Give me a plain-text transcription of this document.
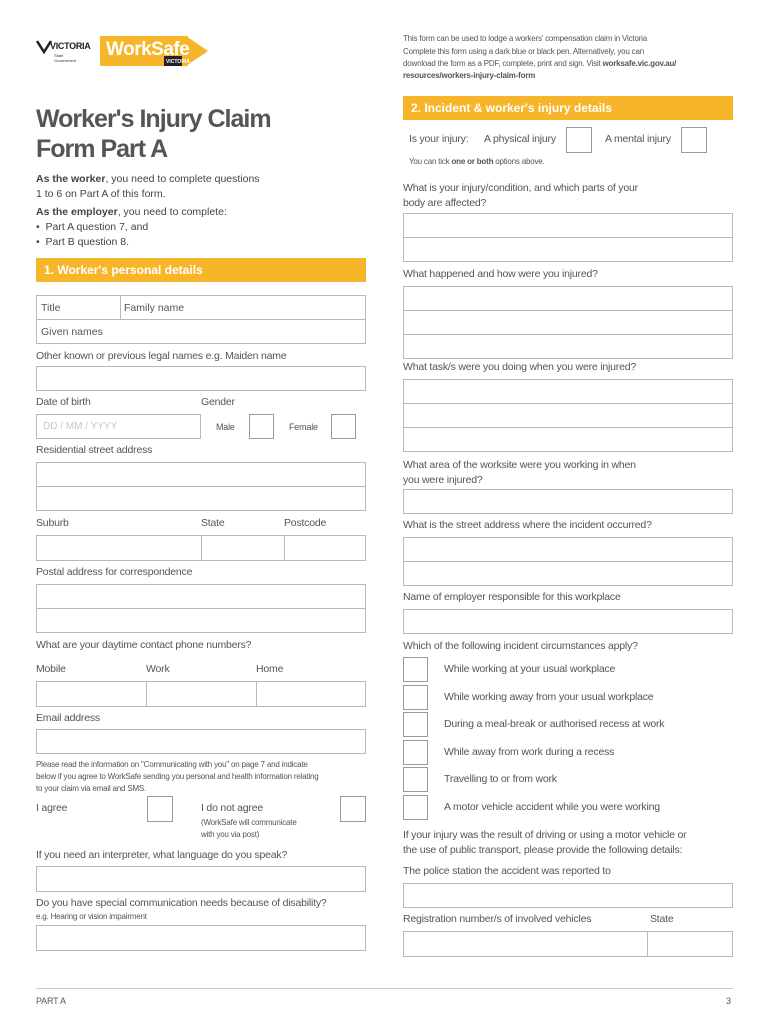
VICTORIA
State Government
WorkSafe
VICTORIA
This form can be used to lodge a workers' compensation claim in Victoria
Complete this form using a dark blue or black pen. Alternatively, you can
download the form as a PDF, complete, print and sign. Visit worksafe.vic.gov.au/
resources/workers-injury-claim-form
Worker's Injury Claim
Form Part A
As the worker, you need to complete questions
1 to 6 on Part A of this form.
As the employer, you need to complete:
•  Part A question 7, and
•  Part B question 8.
1. Worker's personal details
Title	Family name
Given names
Other known or previous legal names e.g. Maiden name
Date of birth	Gender
DD / MM / YYYY	Male	Female
Residential street address
Suburb	State	Postcode
Postal address for correspondence
What are your daytime contact phone numbers?
Mobile	Work	Home
Email address
Please read the information on "Communicating with you" on page 7 and indicate
below if you agree to WorkSafe sending you personal and health information relating
to your claim via email and SMS.
I agree	I do not agree
(WorkSafe will communicate
with you via post)
If you need an interpreter, what language do you speak?
Do you have special communication needs because of disability?
e.g. Hearing or vision impairment
2. Incident & worker's injury details
Is your injury: A physical injury	A mental injury
You can tick one or both options above.
What is your injury/condition, and which parts of your
body are affected?
What happened and how were you injured?
What task/s were you doing when you were injured?
What area of the worksite were you working in when
you were injured?
What is the street address where the incident occurred?
Name of employer responsible for this workplace
Which of the following incident circumstances apply?
While working at your usual workplace
While working away from your usual workplace
During a meal-break or authorised recess at work
While away from work during a recess
Travelling to or from work
A motor vehicle accident while you were working
If your injury was the result of driving or using a motor vehicle or
the use of public transport, please provide the following details:
The police station the accident was reported to
Registration number/s of involved vehicles	State
PART A	3
